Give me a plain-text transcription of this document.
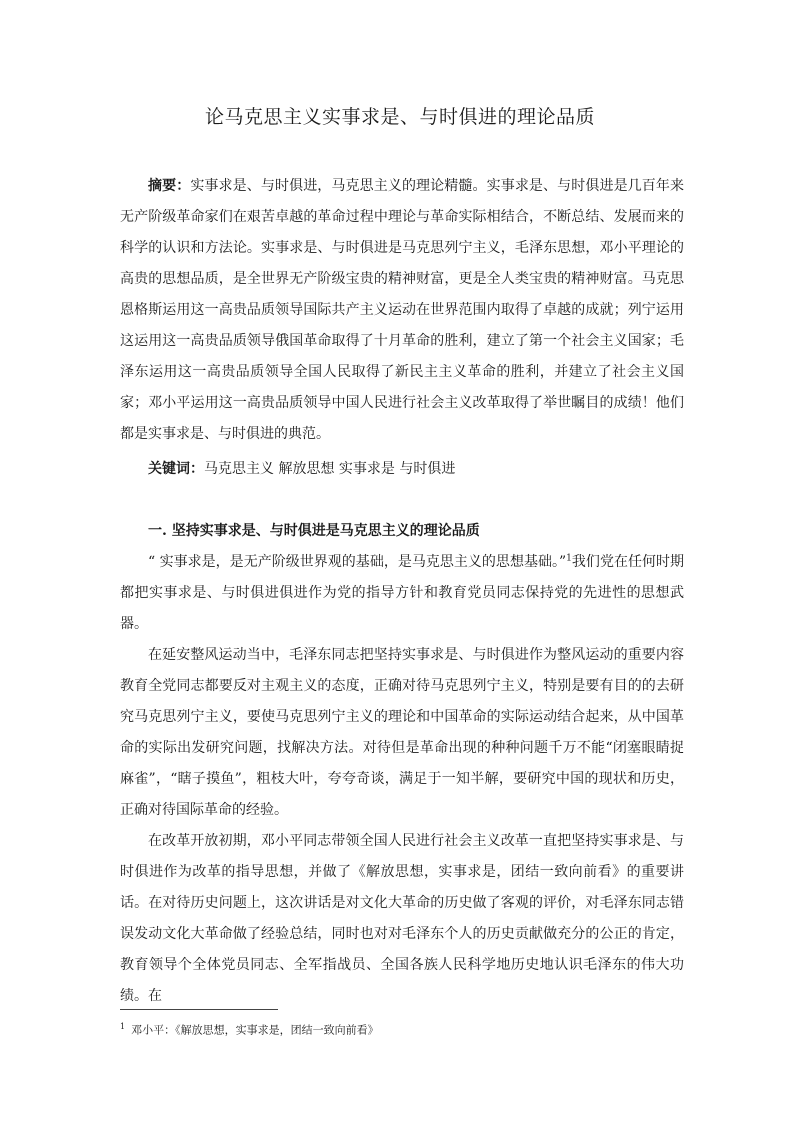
论马克思主义实事求是、与时俱进的理论品质
摘要：实事求是、与时俱进，马克思主义的理论精髓。实事求是、与时俱进是几百年来无产阶级革命家们在艰苦卓越的革命过程中理论与革命实际相结合，不断总结、发展而来的科学的认识和方法论。实事求是、与时俱进是马克思列宁主义，毛泽东思想，邓小平理论的高贵的思想品质，是全世界无产阶级宝贵的精神财富，更是全人类宝贵的精神财富。马克思恩格斯运用这一高贵品质领导国际共产主义运动在世界范围内取得了卓越的成就；列宁运用这运用这一高贵品质领导俄国革命取得了十月革命的胜利，建立了第一个社会主义国家；毛泽东运用这一高贵品质领导全国人民取得了新民主主义革命的胜利，并建立了社会主义国家；邓小平运用这一高贵品质领导中国人民进行社会主义改革取得了举世瞩目的成绩！他们都是实事求是、与时俱进的典范。
关键词：马克思主义 解放思想 实事求是 与时俱进
一. 坚持实事求是、与时俱进是马克思主义的理论品质
“ 实事求是，是无产阶级世界观的基础，是马克思主义的思想基础。”$^1$我们党在任何时期都把实事求是、与时俱进俱进作为党的指导方针和教育党员同志保持党的先进性的思想武器。
在延安整风运动当中，毛泽东同志把坚持实事求是、与时俱进作为整风运动的重要内容教育全党同志都要反对主观主义的态度，正确对待马克思列宁主义，特别是要有目的的去研究马克思列宁主义，要使马克思列宁主义的理论和中国革命的实际运动结合起来，从中国革命的实际出发研究问题，找解决方法。对待但是革命出现的种种问题千万不能“闭塞眼睛捉麻雀”，“瞎子摸鱼”，粗枝大叶，夸夸奇谈，满足于一知半解，要研究中国的现状和历史，正确对待国际革命的经验。
在改革开放初期，邓小平同志带领全国人民进行社会主义改革一直把坚持实事求是、与时俱进作为改革的指导思想，并做了《解放思想，实事求是，团结一致向前看》的重要讲话。在对待历史问题上，这次讲话是对文化大革命的历史做了客观的评价，对毛泽东同志错误发动文化大革命做了经验总结，同时也对对毛泽东个人的历史贡献做充分的公正的肯定，教育领导个全体党员同志、全军指战员、全国各族人民科学地历史地认识毛泽东的伟大功绩。在
$^1$ 邓小平：《解放思想，实事求是，团结一致向前看》
